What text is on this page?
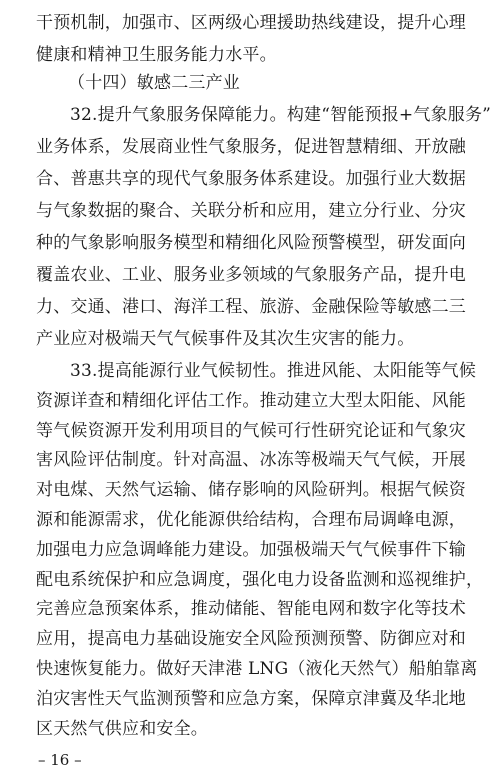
干预机制，加强市、区两级心理援助热线建设，提升心理
健康和精神卫生服务能力水平。
（十四）敏感二三产业
32.提升气象服务保障能力。构建“智能预报+气象服务”
业务体系，发展商业性气象服务，促进智慧精细、开放融
合、普惠共享的现代气象服务体系建设。加强行业大数据
与气象数据的聚合、关联分析和应用，建立分行业、分灾
种的气象影响服务模型和精细化风险预警模型，研发面向
覆盖农业、工业、服务业多领域的气象服务产品，提升电
力、交通、港口、海洋工程、旅游、金融保险等敏感二三
产业应对极端天气气候事件及其次生灾害的能力。
33.提高能源行业气候韧性。推进风能、太阳能等气候
资源详查和精细化评估工作。推动建立大型太阳能、风能
等气候资源开发利用项目的气候可行性研究论证和气象灾
害风险评估制度。针对高温、冰冻等极端天气气候，开展
对电煤、天然气运输、储存影响的风险研判。根据气候资
源和能源需求，优化能源供给结构，合理布局调峰电源，
加强电力应急调峰能力建设。加强极端天气气候事件下输
配电系统保护和应急调度，强化电力设备监测和巡视维护，
完善应急预案体系，推动储能、智能电网和数字化等技术
应用，提高电力基础设施安全风险预测预警、防御应对和
快速恢复能力。做好天津港 LNG（液化天然气）船舶靠离
泊灾害性天气监测预警和应急方案，保障京津冀及华北地
– 16 –
区天然气供应和安全。
